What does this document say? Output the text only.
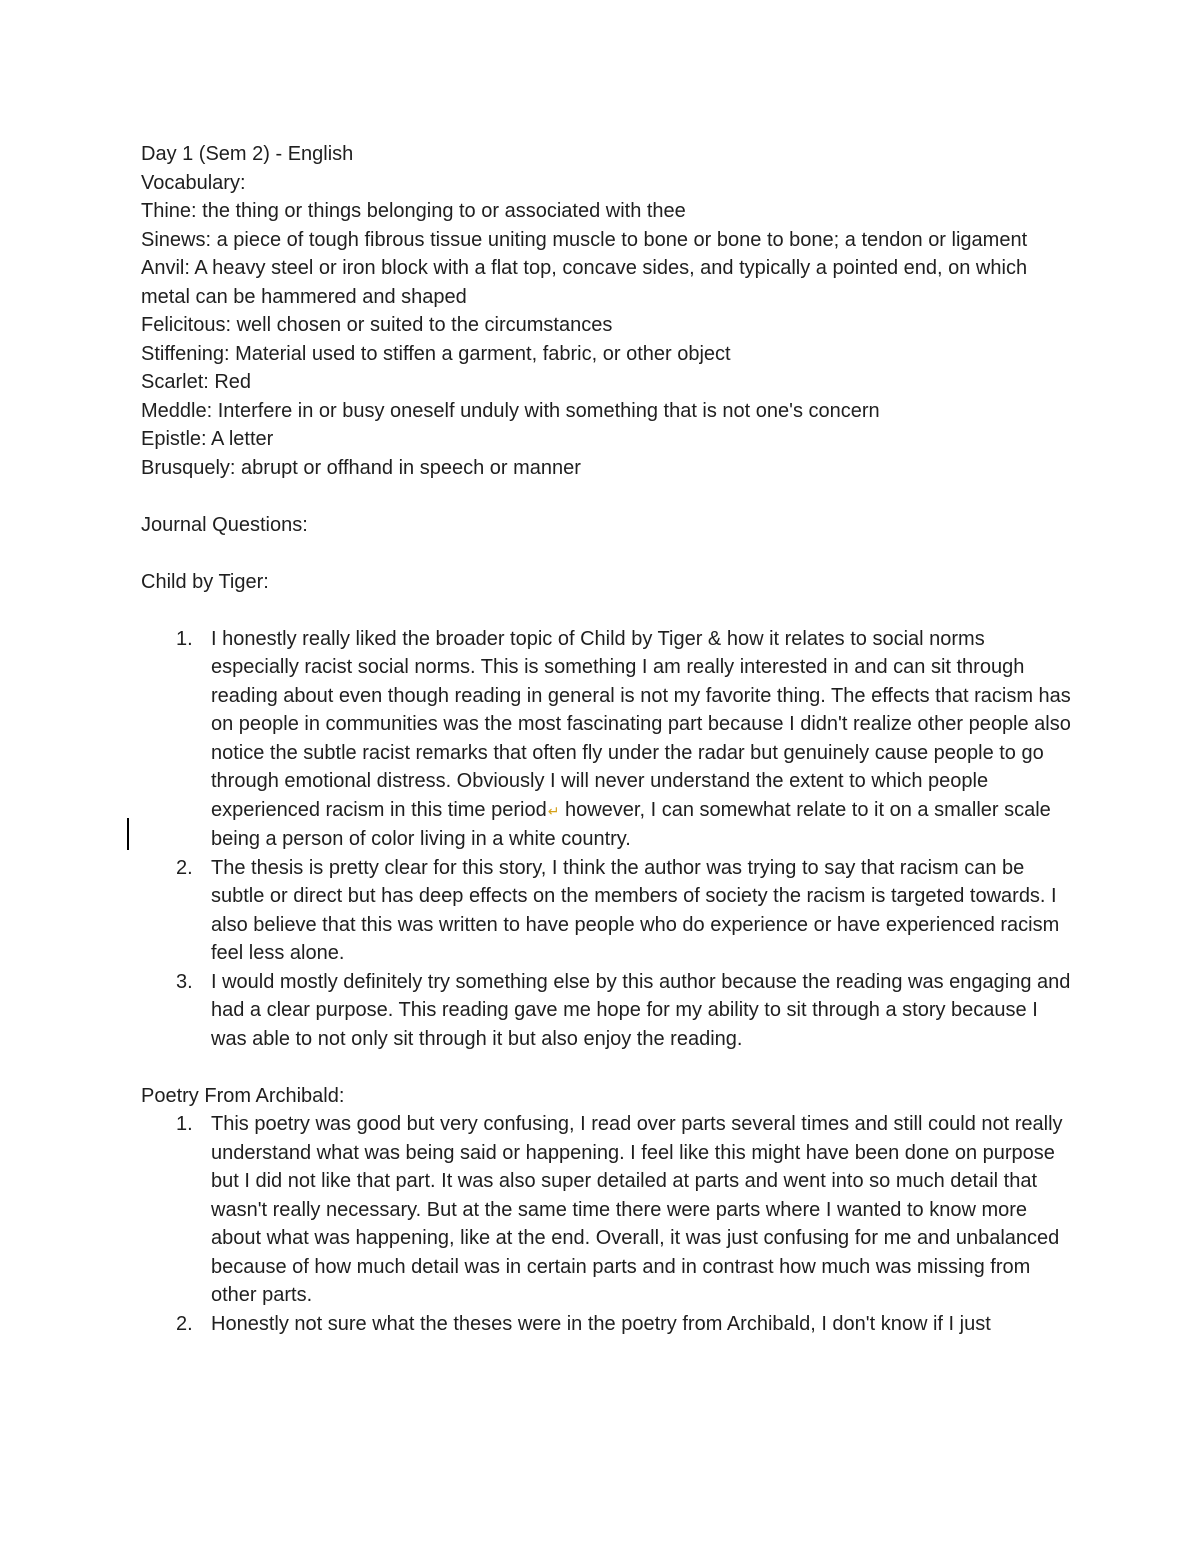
Day 1 (Sem 2) - English
Vocabulary:
Thine: the thing or things belonging to or associated with thee
Sinews: a piece of tough fibrous tissue uniting muscle to bone or bone to bone; a tendon or ligament
Anvil: A heavy steel or iron block with a flat top, concave sides, and typically a pointed end, on which metal can be hammered and shaped
Felicitous: well chosen or suited to the circumstances
Stiffening: Material used to stiffen a garment, fabric, or other object
Scarlet: Red
Meddle: Interfere in or busy oneself unduly with something that is not one's concern
Epistle: A letter
Brusquely: abrupt or offhand in speech or manner
Journal Questions:
Child by Tiger:
1. I honestly really liked the broader topic of Child by Tiger & how it relates to social norms especially racist social norms. This is something I am really interested in and can sit through reading about even though reading in general is not my favorite thing. The effects that racism has on people in communities was the most fascinating part because I didn't realize other people also notice the subtle racist remarks that often fly under the radar but genuinely cause people to go through emotional distress. Obviously I will never understand the extent to which people experienced racism in this time period↵ however, I can somewhat relate to it on a smaller scale being a person of color living in a white country.
2. The thesis is pretty clear for this story, I think the author was trying to say that racism can be subtle or direct but has deep effects on the members of society the racism is targeted towards. I also believe that this was written to have people who do experience or have experienced racism feel less alone.
3. I would mostly definitely try something else by this author because the reading was engaging and had a clear purpose. This reading gave me hope for my ability to sit through a story because I was able to not only sit through it but also enjoy the reading.
Poetry From Archibald:
1. This poetry was good but very confusing, I read over parts several times and still could not really understand what was being said or happening. I feel like this might have been done on purpose but I did not like that part. It was also super detailed at parts and went into so much detail that wasn't really necessary. But at the same time there were parts where I wanted to know more about what was happening, like at the end. Overall, it was just confusing for me and unbalanced because of how much detail was in certain parts and in contrast how much was missing from other parts.
2. Honestly not sure what the theses were in the poetry from Archibald, I don't know if I just
